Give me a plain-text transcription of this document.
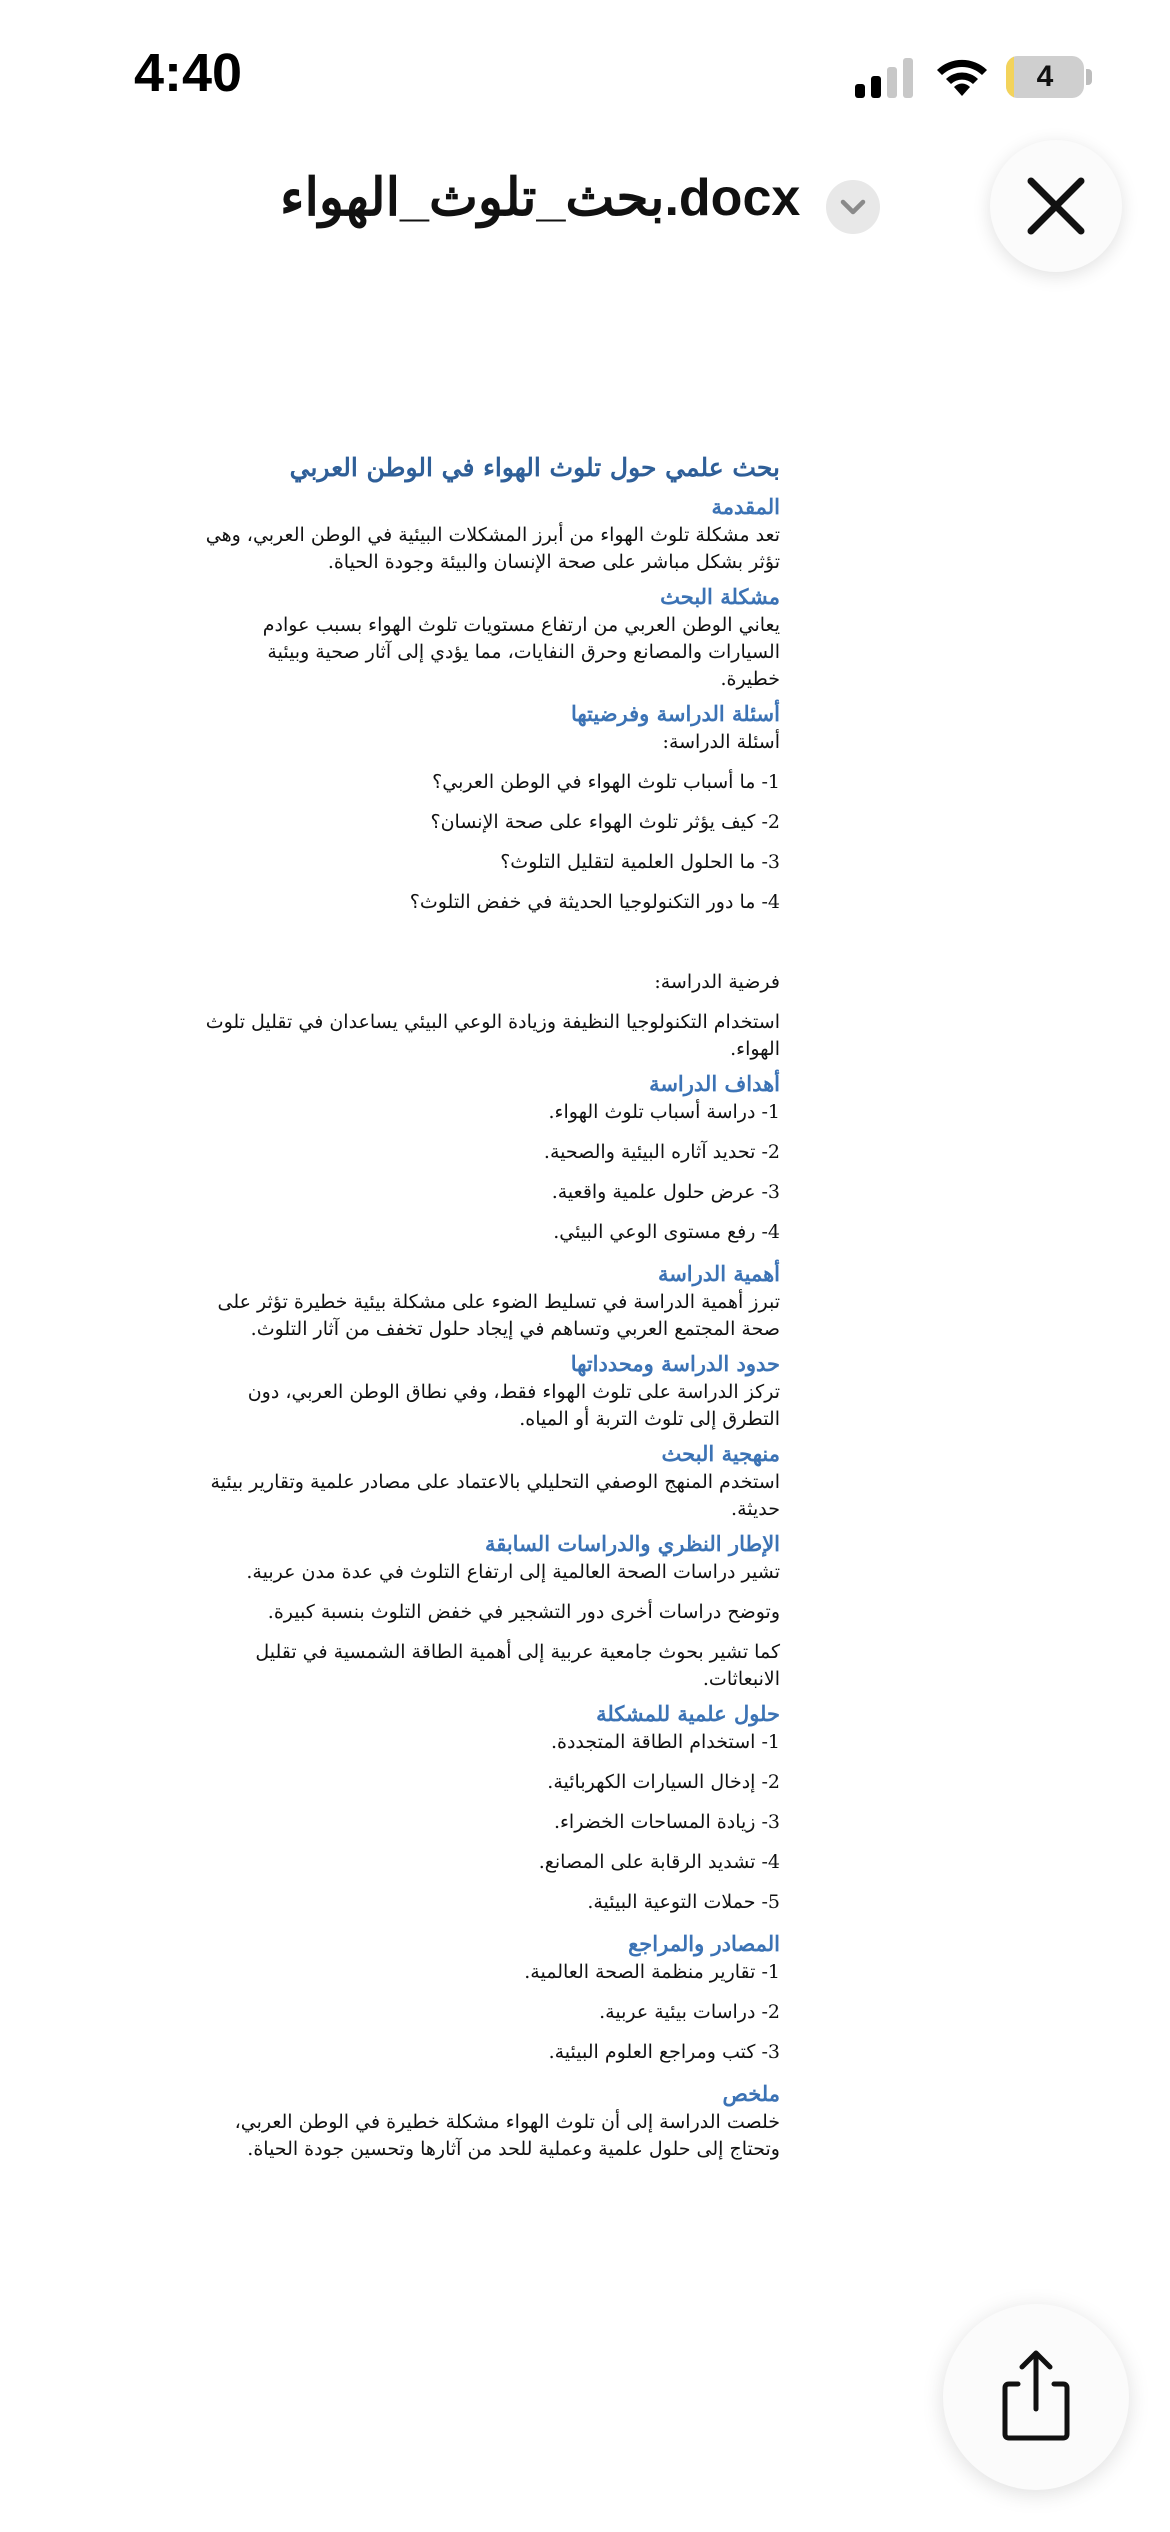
4:40	4
بحث_تلوث_الهواء.docx
بحث علمي حول تلوث الهواء في الوطن العربي
المقدمة

تعد مشكلة تلوث الهواء من أبرز المشكلات البيئية في الوطن العربي، وهي تؤثر بشكل مباشر على صحة الإنسان والبيئة وجودة الحياة.

مشكلة البحث

يعاني الوطن العربي من ارتفاع مستويات تلوث الهواء بسبب عوادم السيارات والمصانع وحرق النفايات، مما يؤدي إلى آثار صحية وبيئية خطيرة.

أسئلة الدراسة وفرضيتها

أسئلة الدراسة:

1- ما أسباب تلوث الهواء في الوطن العربي؟

2- كيف يؤثر تلوث الهواء على صحة الإنسان؟

3- ما الحلول العلمية لتقليل التلوث؟

4- ما دور التكنولوجيا الحديثة في خفض التلوث؟

فرضية الدراسة:

استخدام التكنولوجيا النظيفة وزيادة الوعي البيئي يساعدان في تقليل تلوث الهواء.

أهداف الدراسة

1- دراسة أسباب تلوث الهواء.

2- تحديد آثاره البيئية والصحية.

3- عرض حلول علمية واقعية.

4- رفع مستوى الوعي البيئي.

أهمية الدراسة

تبرز أهمية الدراسة في تسليط الضوء على مشكلة بيئية خطيرة تؤثر على صحة المجتمع العربي وتساهم في إيجاد حلول تخفف من آثار التلوث.

حدود الدراسة ومحدداتها

تركز الدراسة على تلوث الهواء فقط، وفي نطاق الوطن العربي، دون التطرق إلى تلوث التربة أو المياه.

منهجية البحث

استخدم المنهج الوصفي التحليلي بالاعتماد على مصادر علمية وتقارير بيئية حديثة.

الإطار النظري والدراسات السابقة

تشير دراسات الصحة العالمية إلى ارتفاع التلوث في عدة مدن عربية.

وتوضح دراسات أخرى دور التشجير في خفض التلوث بنسبة كبيرة.

كما تشير بحوث جامعية عربية إلى أهمية الطاقة الشمسية في تقليل الانبعاثات.

حلول علمية للمشكلة

1- استخدام الطاقة المتجددة.

2- إدخال السيارات الكهربائية.

3- زيادة المساحات الخضراء.

4- تشديد الرقابة على المصانع.

5- حملات التوعية البيئية.

المصادر والمراجع

1- تقارير منظمة الصحة العالمية.

2- دراسات بيئية عربية.

3- كتب ومراجع العلوم البيئية.

ملخص

خلصت الدراسة إلى أن تلوث الهواء مشكلة خطيرة في الوطن العربي، وتحتاج إلى حلول علمية وعملية للحد من آثارها وتحسين جودة الحياة.
